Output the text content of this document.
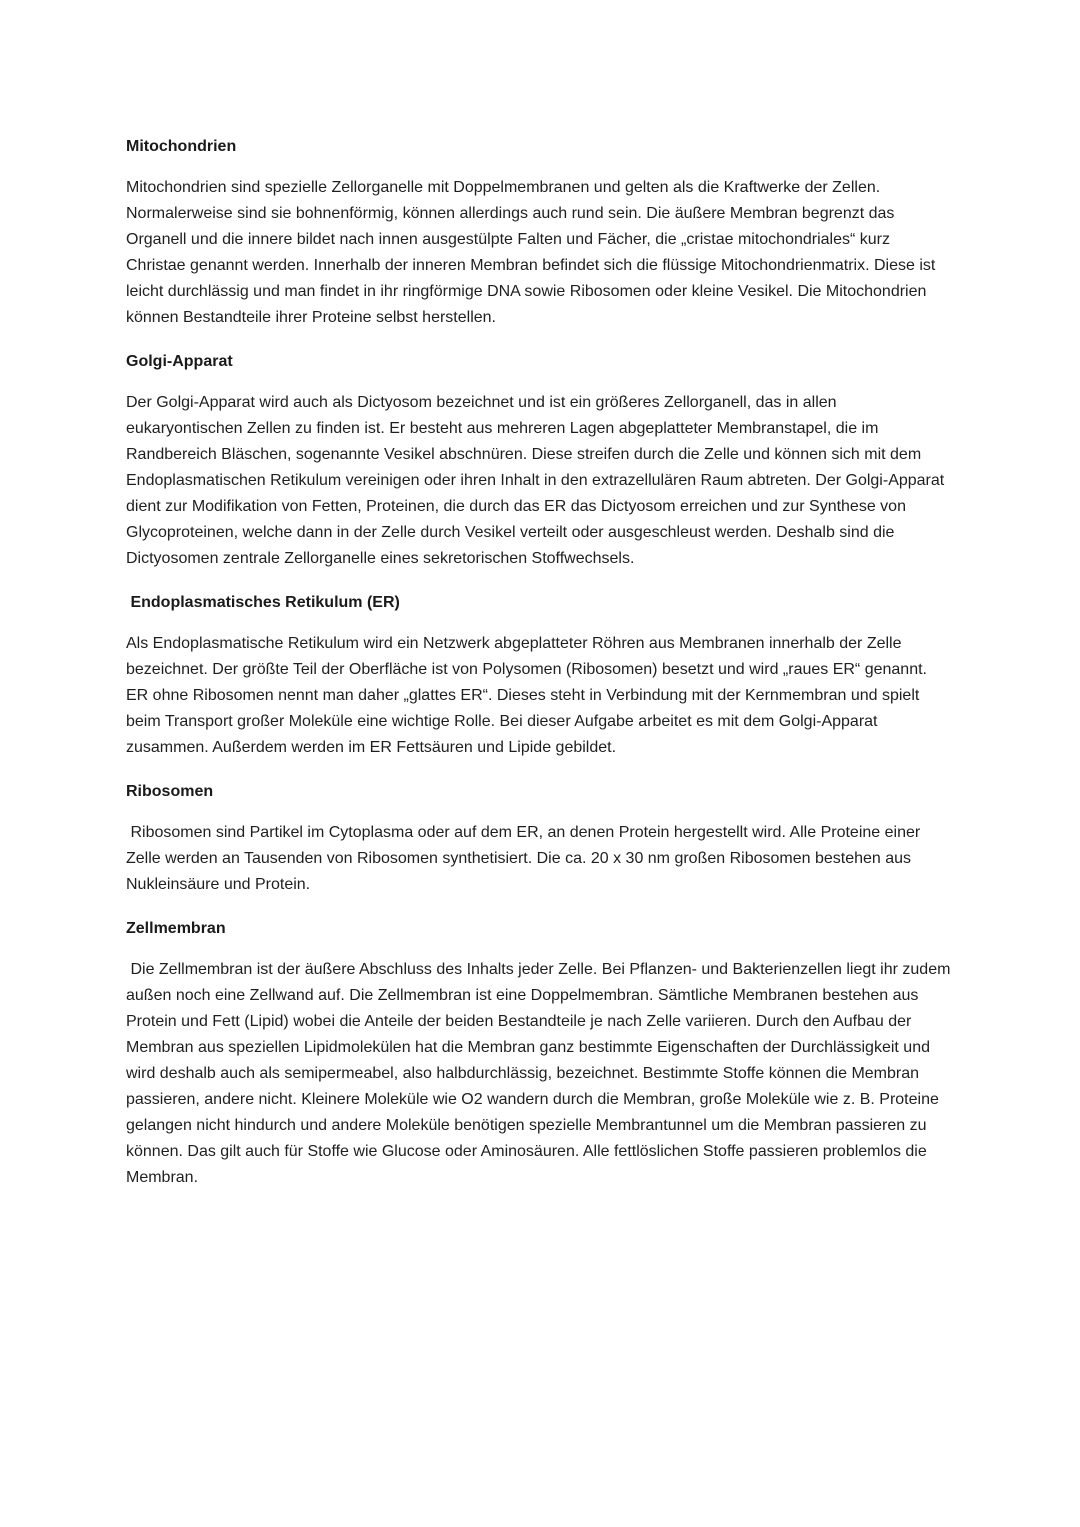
Mitochondrien

Mitochondrien sind spezielle Zellorganelle mit Doppelmembranen und gelten als die Kraftwerke der Zellen. Normalerweise sind sie bohnenförmig, können allerdings auch rund sein. Die äußere Membran begrenzt das Organell und die innere bildet nach innen ausgestülpte Falten und Fächer, die „cristae mitochondriales“ kurz Christae genannt werden. Innerhalb der inneren Membran befindet sich die flüssige Mitochondrienmatrix. Diese ist leicht durchlässig und man findet in ihr ringförmige DNA sowie Ribosomen oder kleine Vesikel. Die Mitochondrien können Bestandteile ihrer Proteine selbst herstellen.

Golgi-Apparat

Der Golgi-Apparat wird auch als Dictyosom bezeichnet und ist ein größeres Zellorganell, das in allen eukaryontischen Zellen zu finden ist. Er besteht aus mehreren Lagen abgeplatteter Membranstapel, die im Randbereich Bläschen, sogenannte Vesikel abschnüren. Diese streifen durch die Zelle und können sich mit dem Endoplasmatischen Retikulum vereinigen oder ihren Inhalt in den extrazellulären Raum abtreten. Der Golgi-Apparat dient zur Modifikation von Fetten, Proteinen, die durch das ER das Dictyosom erreichen und zur Synthese von Glycoproteinen, welche dann in der Zelle durch Vesikel verteilt oder ausgeschleust werden. Deshalb sind die Dictyosomen zentrale Zellorganelle eines sekretorischen Stoffwechsels.

Endoplasmatisches Retikulum (ER)

Als Endoplasmatische Retikulum wird ein Netzwerk abgeplatteter Röhren aus Membranen innerhalb der Zelle bezeichnet. Der größte Teil der Oberfläche ist von Polysomen (Ribosomen) besetzt und wird „raues ER“ genannt. ER ohne Ribosomen nennt man daher „glattes ER“. Dieses steht in Verbindung mit der Kernmembran und spielt beim Transport großer Moleküle eine wichtige Rolle. Bei dieser Aufgabe arbeitet es mit dem Golgi-Apparat zusammen. Außerdem werden im ER Fettsäuren und Lipide gebildet.

Ribosomen

Ribosomen sind Partikel im Cytoplasma oder auf dem ER, an denen Protein hergestellt wird. Alle Proteine einer Zelle werden an Tausenden von Ribosomen synthetisiert. Die ca. 20 x 30 nm großen Ribosomen bestehen aus Nukleinsäure und Protein.

Zellmembran

Die Zellmembran ist der äußere Abschluss des Inhalts jeder Zelle. Bei Pflanzen- und Bakterienzellen liegt ihr zudem außen noch eine Zellwand auf. Die Zellmembran ist eine Doppelmembran. Sämtliche Membranen bestehen aus Protein und Fett (Lipid) wobei die Anteile der beiden Bestandteile je nach Zelle variieren. Durch den Aufbau der Membran aus speziellen Lipidmolekülen hat die Membran ganz bestimmte Eigenschaften der Durchlässigkeit und wird deshalb auch als semipermeabel, also halbdurchlässig, bezeichnet. Bestimmte Stoffe können die Membran passieren, andere nicht. Kleinere Moleküle wie O2 wandern durch die Membran, große Moleküle wie z. B. Proteine gelangen nicht hindurch und andere Moleküle benötigen spezielle Membrantunnel um die Membran passieren zu können. Das gilt auch für Stoffe wie Glucose oder Aminosäuren. Alle fettlöslichen Stoffe passieren problemlos die Membran.
